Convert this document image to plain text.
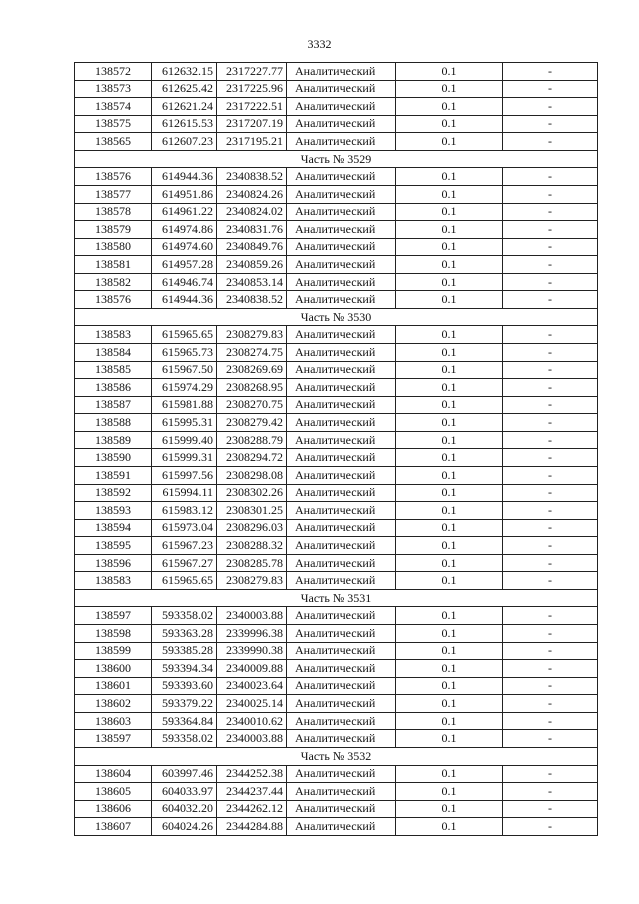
3332
138572	612632.15	2317227.77	Аналитический	0.1	-
138573	612625.42	2317225.96	Аналитический	0.1	-
138574	612621.24	2317222.51	Аналитический	0.1	-
138575	612615.53	2317207.19	Аналитический	0.1	-
138565	612607.23	2317195.21	Аналитический	0.1	-
Часть № 3529					
138576	614944.36	2340838.52	Аналитический	0.1	-
138577	614951.86	2340824.26	Аналитический	0.1	-
138578	614961.22	2340824.02	Аналитический	0.1	-
138579	614974.86	2340831.76	Аналитический	0.1	-
138580	614974.60	2340849.76	Аналитический	0.1	-
138581	614957.28	2340859.26	Аналитический	0.1	-
138582	614946.74	2340853.14	Аналитический	0.1	-
138576	614944.36	2340838.52	Аналитический	0.1	-
Часть № 3530					
138583	615965.65	2308279.83	Аналитический	0.1	-
138584	615965.73	2308274.75	Аналитический	0.1	-
138585	615967.50	2308269.69	Аналитический	0.1	-
138586	615974.29	2308268.95	Аналитический	0.1	-
138587	615981.88	2308270.75	Аналитический	0.1	-
138588	615995.31	2308279.42	Аналитический	0.1	-
138589	615999.40	2308288.79	Аналитический	0.1	-
138590	615999.31	2308294.72	Аналитический	0.1	-
138591	615997.56	2308298.08	Аналитический	0.1	-
138592	615994.11	2308302.26	Аналитический	0.1	-
138593	615983.12	2308301.25	Аналитический	0.1	-
138594	615973.04	2308296.03	Аналитический	0.1	-
138595	615967.23	2308288.32	Аналитический	0.1	-
138596	615967.27	2308285.78	Аналитический	0.1	-
138583	615965.65	2308279.83	Аналитический	0.1	-
Часть № 3531					
138597	593358.02	2340003.88	Аналитический	0.1	-
138598	593363.28	2339996.38	Аналитический	0.1	-
138599	593385.28	2339990.38	Аналитический	0.1	-
138600	593394.34	2340009.88	Аналитический	0.1	-
138601	593393.60	2340023.64	Аналитический	0.1	-
138602	593379.22	2340025.14	Аналитический	0.1	-
138603	593364.84	2340010.62	Аналитический	0.1	-
138597	593358.02	2340003.88	Аналитический	0.1	-
Часть № 3532					
138604	603997.46	2344252.38	Аналитический	0.1	-
138605	604033.97	2344237.44	Аналитический	0.1	-
138606	604032.20	2344262.12	Аналитический	0.1	-
138607	604024.26	2344284.88	Аналитический	0.1	-
